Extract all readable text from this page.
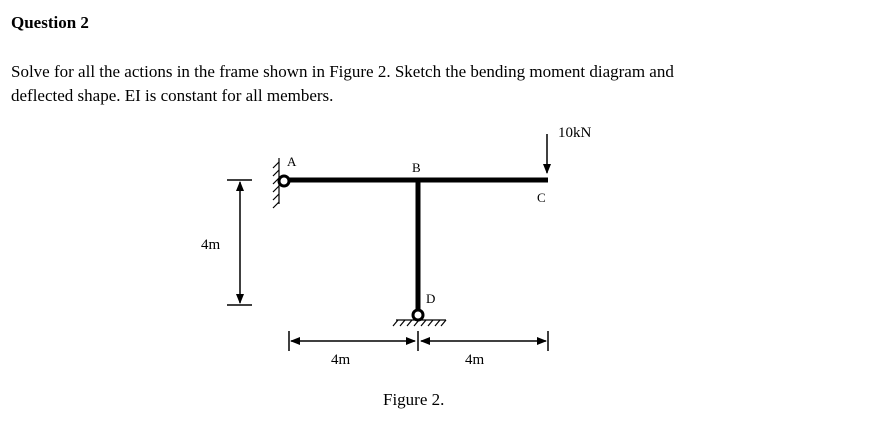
Question 2

Solve for all the actions in the frame shown in Figure 2. Sketch the bending moment diagram and
deflected shape. EI is constant for all members.

10kN
A	B
C
D
4m
4m	4m
Figure 2.
